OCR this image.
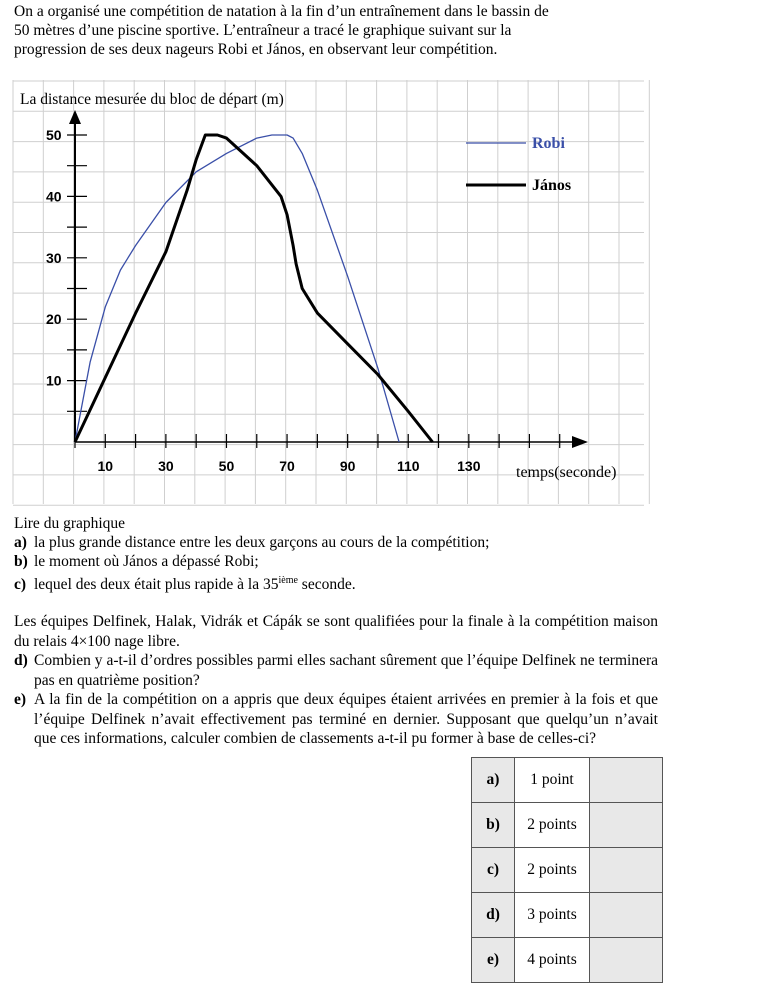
On a organisé une compétition de natation à la fin d’un entraînement dans le bassin de

50 mètres d’une piscine sportive. L’entraîneur a tracé le graphique suivant sur la

progression de ses deux nageurs Robi et János, en observant leur compétition.

10	30	50	70	90	110	130
10
20
30
40
50	Robi
János
La distance mesurée du bloc de départ (m)
temps(seconde)

Lire du graphique

a) la plus grande distance entre les deux garçons au cours de la compétition;

b) le moment où János a dépassé Robi;

c) lequel des deux était plus rapide à la 35ième seconde.

Les équipes Delfinek, Halak, Vidrák et Cápák se sont qualifiées pour la finale à la compétition maison du relais 4×100 nage libre.

d) Combien y a-t-il d’ordres possibles parmi elles sachant sûrement que l’équipe Delfinek ne terminera pas en quatrième position?

e) A la fin de la compétition on a appris que deux équipes étaient arrivées en premier à la fois et que l’équipe Delfinek n’avait effectivement pas terminé en dernier. Supposant que quelqu’un n’avait que ces informations, calculer combien de classements a-t-il pu former à base de celles-ci?

a)	1 point	
b)	2 points	
c)	2 points	
d)	3 points	
e)	4 points	
